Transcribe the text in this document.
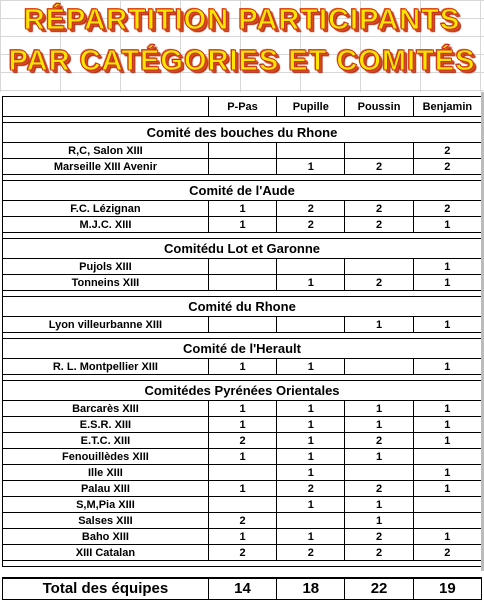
RÉPARTITION PARTICIPANTS
PAR CATÉGORIES ET COMITÉS
	P-Pas	Pupille	Poussin	Benjamin

Comité des bouches du Rhone				
R,C, Salon XIII				2
Marseille XIII Avenir		1	2	2

Comité de l'Aude				
F.C. Lézignan	1	2	2	2
M.J.C. XIII	1	2	2	1

Comitédu Lot et Garonne				
Pujols XIII				1
Tonneins XIII		1	2	1

Comité du Rhone				
Lyon villeurbanne XIII			1	1

Comité de l'Herault				
R. L. Montpellier XIII	1	1		1

Comitédes Pyrénées Orientales				
Barcarès XIII	1	1	1	1
E.S.R. XIII	1	1	1	1
E.T.C. XIII	2	1	2	1
Fenouillèdes XIII	1	1	1	
Ille XIII		1		1
Palau XIII	1	2	2	1
S,M,Pia XIII		1	1	
Salses XIII	2		1	
Baho XIII	1	1	2	1
XIII Catalan	2	2	2	2

Total des équipes	14	18	22	19
